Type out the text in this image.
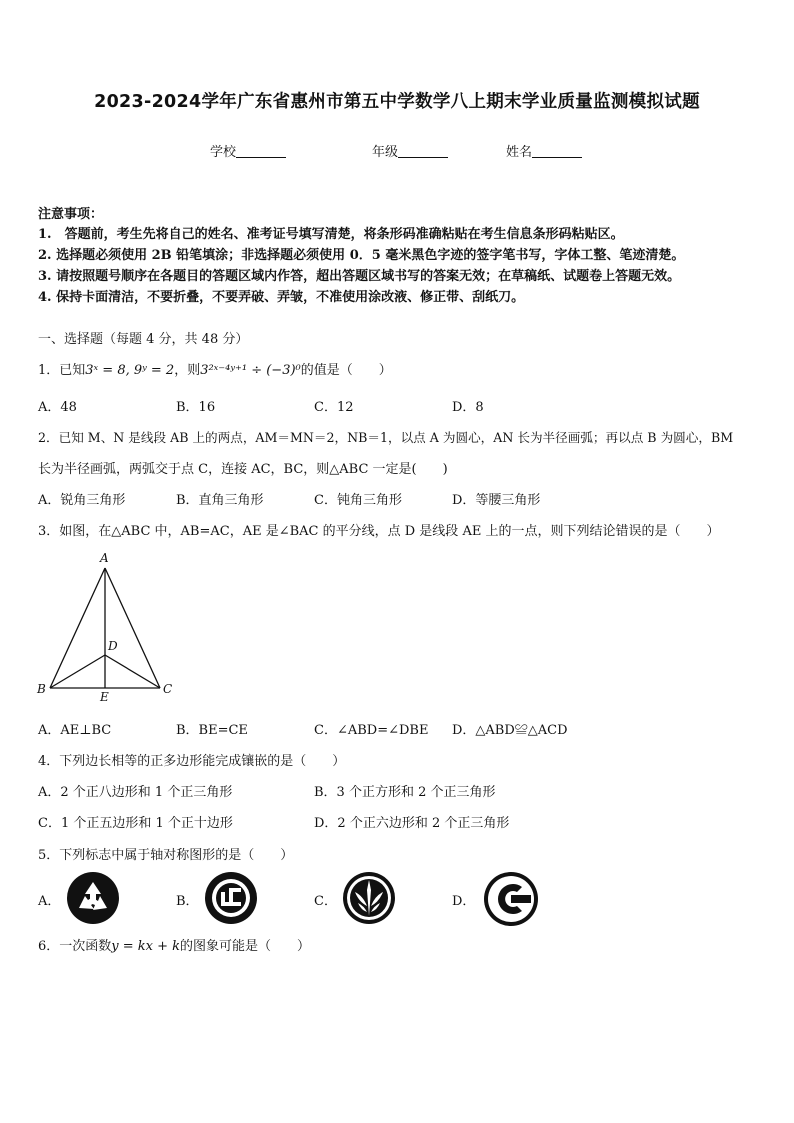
2023-2024学年广东省惠州市第五中学数学八上期末学业质量监测模拟试题
学校	年级	姓名
注意事项：
1.　答题前，考生先将自己的姓名、准考证号填写清楚，将条形码准确粘贴在考生信息条形码粘贴区。
2. 选择题必须使用 2B 铅笔填涂；非选择题必须使用 0．5 毫米黑色字迹的签字笔书写，字体工整、笔迹清楚。
3. 请按照题号顺序在各题目的答题区域内作答，超出答题区域书写的答案无效；在草稿纸、试题卷上答题无效。
4. 保持卡面清洁，不要折叠，不要弄破、弄皱，不准使用涂改液、修正带、刮纸刀。
一、选择题（每题 4 分，共 48 分）
1．已知3ˣ = 8, 9ʸ = 2，则3²ˣ⁻⁴ʸ⁺¹ ÷ (−3)⁰的值是（　　）
A．48	B．16	C．12	D．8
2．已知 M、N 是线段 AB 上的两点，AM＝MN＝2，NB＝1，以点 A 为圆心，AN 长为半径画弧；再以点 B 为圆心，BM
长为半径画弧，两弧交于点 C，连接 AC，BC，则△ABC 一定是(　　)
A．锐角三角形	B．直角三角形	C．钝角三角形	D．等腰三角形
3．如图，在△ABC 中，AB=AC，AE 是∠BAC 的平分线，点 D 是线段 AE 上的一点，则下列结论错误的是（　　）
A
B	C
D
E
A．AE⊥BC	B．BE=CE	C．∠ABD=∠DBE D．△ABD≌△ACD
4．下列边长相等的正多边形能完成镶嵌的是（　　）
A．2 个正八边形和 1 个正三角形	B．3 个正方形和 2 个正三角形
C．1 个正五边形和 1 个正十边形	D．2 个正六边形和 2 个正三角形
5．下列标志中属于轴对称图形的是（　　）
A．	B．	C．	D．
6．一次函数y = kx + k的图象可能是（　　）
